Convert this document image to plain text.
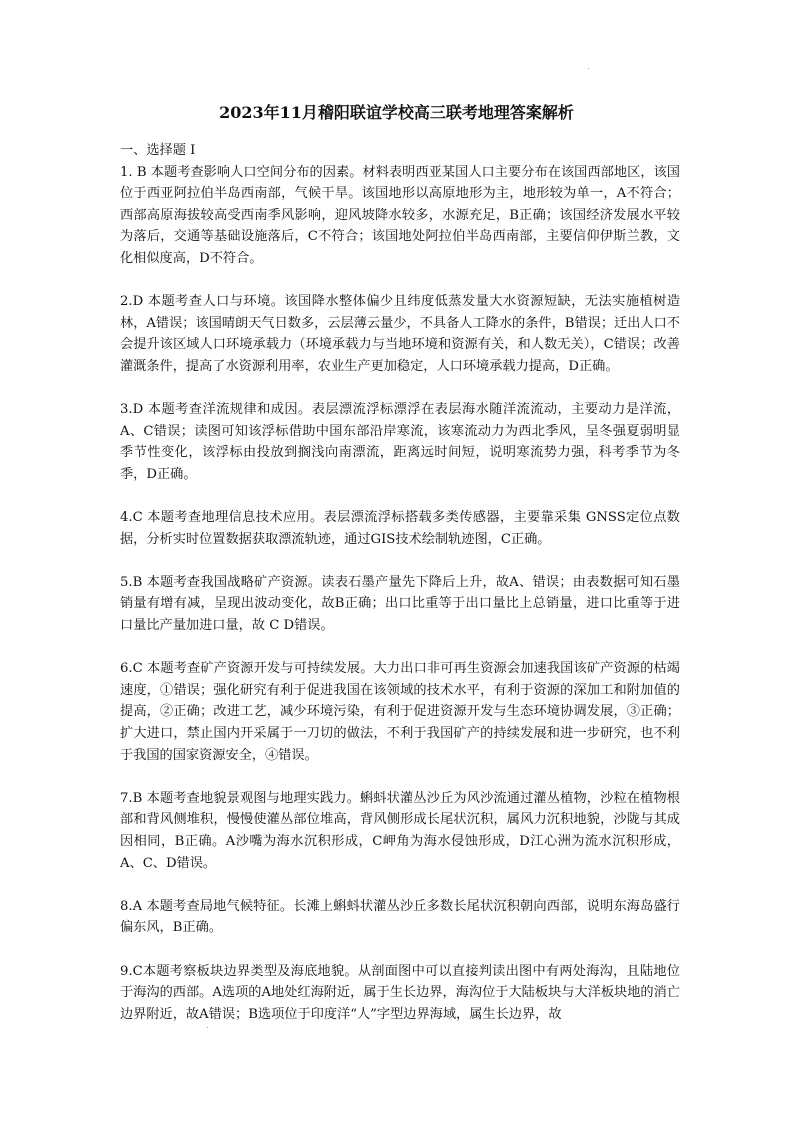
2023年11月稽阳联谊学校高三联考地理答案解析

一、选择题 I

1. B 本题考查影响人口空间分布的因素。材料表明西亚某国人口主要分布在该国西部地区，该国位于西亚阿拉伯半岛西南部，气候干旱。该国地形以高原地形为主，地形较为单一，A不符合；西部高原海拔较高受西南季风影响，迎风坡降水较多，水源充足，B正确；该国经济发展水平较为落后，交通等基础设施落后，C不符合；该国地处阿拉伯半岛西南部，主要信仰伊斯兰教，文化相似度高，D不符合。

2.D 本题考查人口与环境。该国降水整体偏少且纬度低蒸发量大水资源短缺，无法实施植树造林，A错误；该国晴朗天气日数多，云层薄云量少，不具备人工降水的条件，B错误；迁出人口不会提升该区域人口环境承载力（环境承载力与当地环境和资源有关，和人数无关），C错误；改善灌溉条件，提高了水资源利用率，农业生产更加稳定，人口环境承载力提高，D正确。

3.D 本题考查洋流规律和成因。表层漂流浮标漂浮在表层海水随洋流流动，主要动力是洋流，A、C错误；读图可知该浮标借助中国东部沿岸寒流，该寒流动力为西北季风，呈冬强夏弱明显季节性变化，该浮标由投放到搁浅向南漂流，距离远时间短，说明寒流势力强，科考季节为冬季，D正确。

4.C 本题考查地理信息技术应用。表层漂流浮标搭载多类传感器，主要靠采集 GNSS定位点数据，分析实时位置数据获取漂流轨迹，通过GIS技术绘制轨迹图，C正确。

5.B 本题考查我国战略矿产资源。读表石墨产量先下降后上升，故A、错误；由表数据可知石墨销量有增有减，呈现出波动变化，故B正确；出口比重等于出口量比上总销量，进口比重等于进口量比产量加进口量，故 C D错误。

6.C 本题考查矿产资源开发与可持续发展。大力出口非可再生资源会加速我国该矿产资源的枯竭速度，①错误；强化研究有利于促进我国在该领域的技术水平，有利于资源的深加工和附加值的提高，②正确；改进工艺，减少环境污染，有利于促进资源开发与生态环境协调发展，③正确；扩大进口，禁止国内开采属于一刀切的做法，不利于我国矿产的持续发展和进一步研究，也不利于我国的国家资源安全，④错误。

7.B 本题考查地貌景观图与地理实践力。蝌蚪状灌丛沙丘为风沙流通过灌丛植物，沙粒在植物根部和背风侧堆积，慢慢使灌丛部位堆高，背风侧形成长尾状沉积，属风力沉积地貌，沙陇与其成因相同，B正确。A沙嘴为海水沉积形成，C岬角为海水侵蚀形成，D江心洲为流水沉积形成，A、C、D错误。

8.A 本题考查局地气候特征。长滩上蝌蚪状灌丛沙丘多数长尾状沉积朝向西部，说明东海岛盛行偏东风，B正确。

9.C本题考察板块边界类型及海底地貌。从剖面图中可以直接判读出图中有两处海沟，且陆地位于海沟的西部。A选项的A地处红海附近，属于生长边界，海沟位于大陆板块与大洋板块地的消亡边界附近，故A错误；B选项位于印度洋“人”字型边界海域，属生长边界，故
